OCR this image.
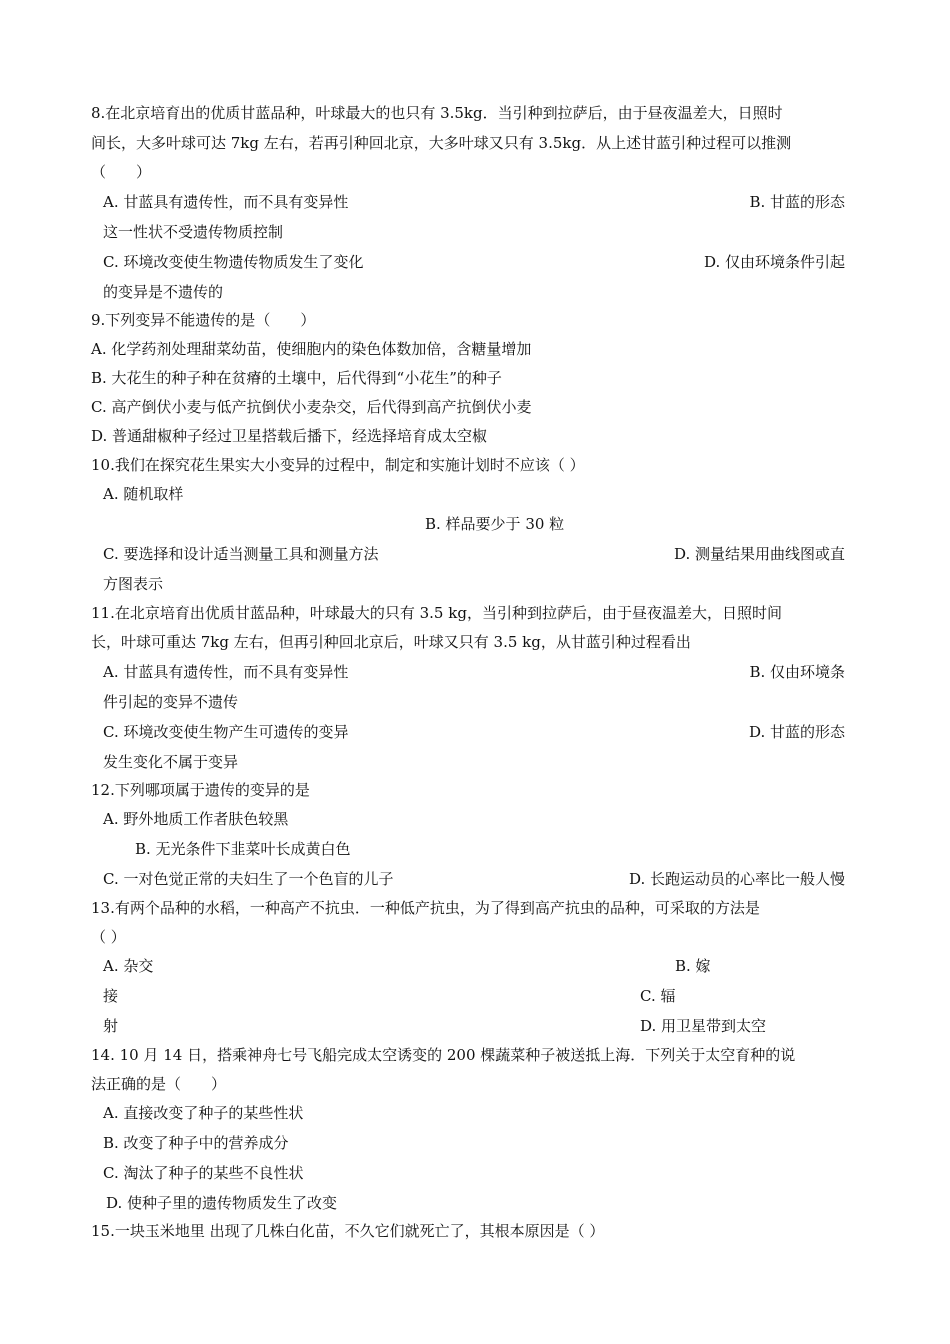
8.在北京培育出的优质甘蓝品种，叶球最大的也只有 3.5kg．当引种到拉萨后，由于昼夜温差大，日照时
间长，大多叶球可达 7kg 左右，若再引种回北京，大多叶球又只有 3.5kg．从上述甘蓝引种过程可以推测
（　　）
A. 甘蓝具有遗传性，而不具有变异性	B. 甘蓝的形态
这一性状不受遗传物质控制
C. 环境改变使生物遗传物质发生了变化	D. 仅由环境条件引起
的变异是不遗传的
9.下列变异不能遗传的是（　　）
A. 化学药剂处理甜菜幼苗，使细胞内的染色体数加倍，含糖量增加
B. 大花生的种子种在贫瘠的土壤中，后代得到“小花生”的种子
C. 高产倒伏小麦与低产抗倒伏小麦杂交，后代得到高产抗倒伏小麦
D. 普通甜椒种子经过卫星搭载后播下，经选择培育成太空椒
10.我们在探究花生果实大小变异的过程中，制定和实施计划时不应该（ ）
A. 随机取样
B. 样品要少于 30 粒
C. 要选择和设计适当测量工具和测量方法	D. 测量结果用曲线图或直
方图表示
11.在北京培育出优质甘蓝品种，叶球最大的只有 3.5 kg，当引种到拉萨后，由于昼夜温差大，日照时间
长，叶球可重达 7kg 左右，但再引种回北京后，叶球又只有 3.5 kg，从甘蓝引种过程看出
A. 甘蓝具有遗传性，而不具有变异性	B. 仅由环境条
件引起的变异不遗传
C. 环境改变使生物产生可遗传的变异	D. 甘蓝的形态
发生变化不属于变异
12.下列哪项属于遗传的变异的是
A. 野外地质工作者肤色较黑
B. 无光条件下韭菜叶长成黄白色
C. 一对色觉正常的夫妇生了一个色盲的儿子	D. 长跑运动员的心率比一般人慢
13.有两个品种的水稻，一种高产不抗虫．一种低产抗虫，为了得到高产抗虫的品种，可采取的方法是
（ ）
A. 杂交	B. 嫁
接	C. 辐
射	D. 用卫星带到太空
14. 10 月 14 日，搭乘神舟七号飞船完成太空诱变的 200 棵蔬菜种子被送抵上海．下列关于太空育种的说
法正确的是（　　）
A. 直接改变了种子的某些性状
B. 改变了种子中的营养成分
C. 淘汰了种子的某些不良性状
D. 使种子里的遗传物质发生了改变
15.一块玉米地里 出现了几株白化苗，不久它们就死亡了，其根本原因是（ ）
